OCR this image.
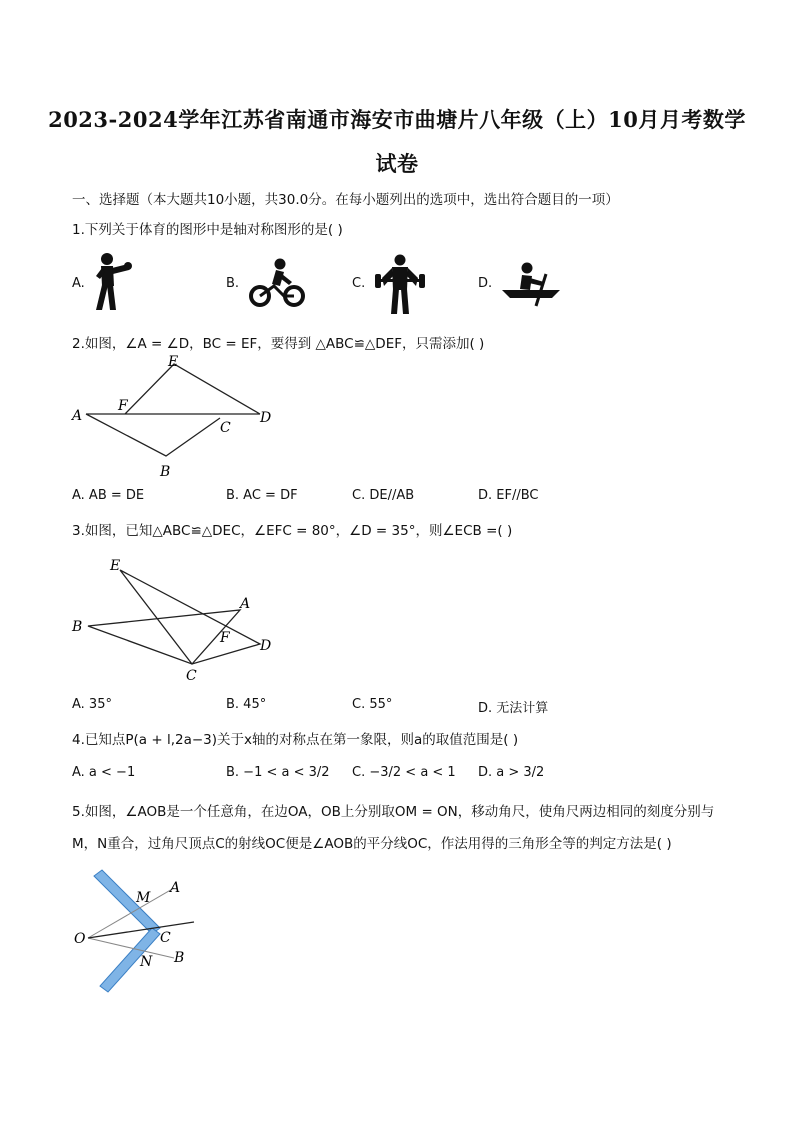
2023-2024学年江苏省南通市海安市曲塘片八年级（上）10月月考数学
试卷
一、选择题（本大题共10小题，共30.0分。在每小题列出的选项中，选出符合题目的一项）
1.下列关于体育的图形中是轴对称图形的是( )
A.	B.	C.	D.
2.如图，∠A = ∠D，BC = EF，要得到 △ABC≌△DEF，只需添加( )
A
F
E
C
D
B
A. AB = DE	B. AC = DF	C. DE//AB	D. EF//BC
3.如图，已知△ABC≌△DEC，∠EFC = 80°，∠D = 35°，则∠ECB =( )
E
A
B
F D
C
A. 35°	B. 45°	C. 55°	D. 无法计算
4.已知点P(a + l,2a−3)关于x轴的对称点在第一象限，则a的取值范围是( )
A. a < −1	B. −1 < a < 3/2 C. −3/2 < a < 1 D. a > 3/2
5.如图，∠AOB是一个任意角，在边OA，OB上分别取OM = ON，移动角尺，使角尺两边相同的刻度分别与
M，N重合，过角尺顶点C的射线OC便是∠AOB的平分线OC，作法用得的三角形全等的判定方法是( )
O
M
A
C
N B
